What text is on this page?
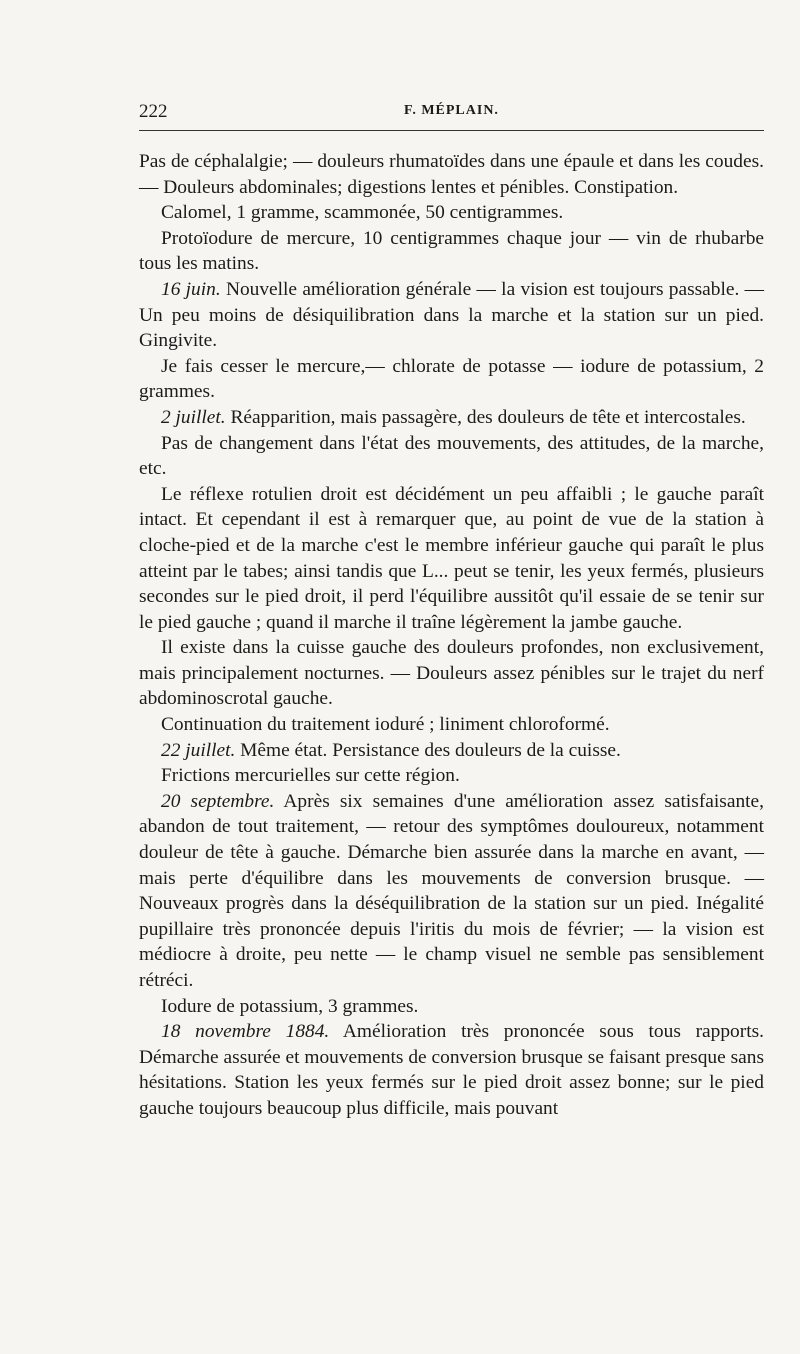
222	F. MÉPLAIN.

Pas de céphalalgie; — douleurs rhumatoïdes dans une épaule et dans les coudes. — Douleurs abdominales; digestions lentes et pénibles. Constipation.

Calomel, 1 gramme, scammonée, 50 centigrammes.

Protoïodure de mercure, 10 centigrammes chaque jour — vin de rhubarbe tous les matins.

16 juin. Nouvelle amélioration générale — la vision est toujours passable. — Un peu moins de désiquilibration dans la marche et la station sur un pied. Gingivite.

Je fais cesser le mercure,— chlorate de potasse — iodure de potassium, 2 grammes.

2 juillet. Réapparition, mais passagère, des douleurs de tête et intercostales.

Pas de changement dans l'état des mouvements, des attitudes, de la marche, etc.

Le réflexe rotulien droit est décidément un peu affaibli ; le gauche paraît intact. Et cependant il est à remarquer que, au point de vue de la station à cloche-pied et de la marche c'est le membre inférieur gauche qui paraît le plus atteint par le tabes; ainsi tandis que L... peut se tenir, les yeux fermés, plusieurs secondes sur le pied droit, il perd l'équilibre aussitôt qu'il essaie de se tenir sur le pied gauche ; quand il marche il traîne légèrement la jambe gauche.

Il existe dans la cuisse gauche des douleurs profondes, non exclusivement, mais principalement nocturnes. — Douleurs assez pénibles sur le trajet du nerf abdominoscrotal gauche.

Continuation du traitement ioduré ; liniment chloroformé.

22 juillet. Même état. Persistance des douleurs de la cuisse.

Frictions mercurielles sur cette région.

20 septembre. Après six semaines d'une amélioration assez satisfaisante, abandon de tout traitement, — retour des symptômes douloureux, notamment douleur de tête à gauche. Démarche bien assurée dans la marche en avant, — mais perte d'équilibre dans les mouvements de conversion brusque. — Nouveaux progrès dans la déséquilibration de la station sur un pied. Inégalité pupillaire très prononcée depuis l'iritis du mois de février; — la vision est médiocre à droite, peu nette — le champ visuel ne semble pas sensiblement rétréci.

Iodure de potassium, 3 grammes.

18 novembre 1884. Amélioration très prononcée sous tous rapports. Démarche assurée et mouvements de conversion brusque se faisant presque sans hésitations. Station les yeux fermés sur le pied droit assez bonne; sur le pied gauche toujours beaucoup plus difficile, mais pouvant
